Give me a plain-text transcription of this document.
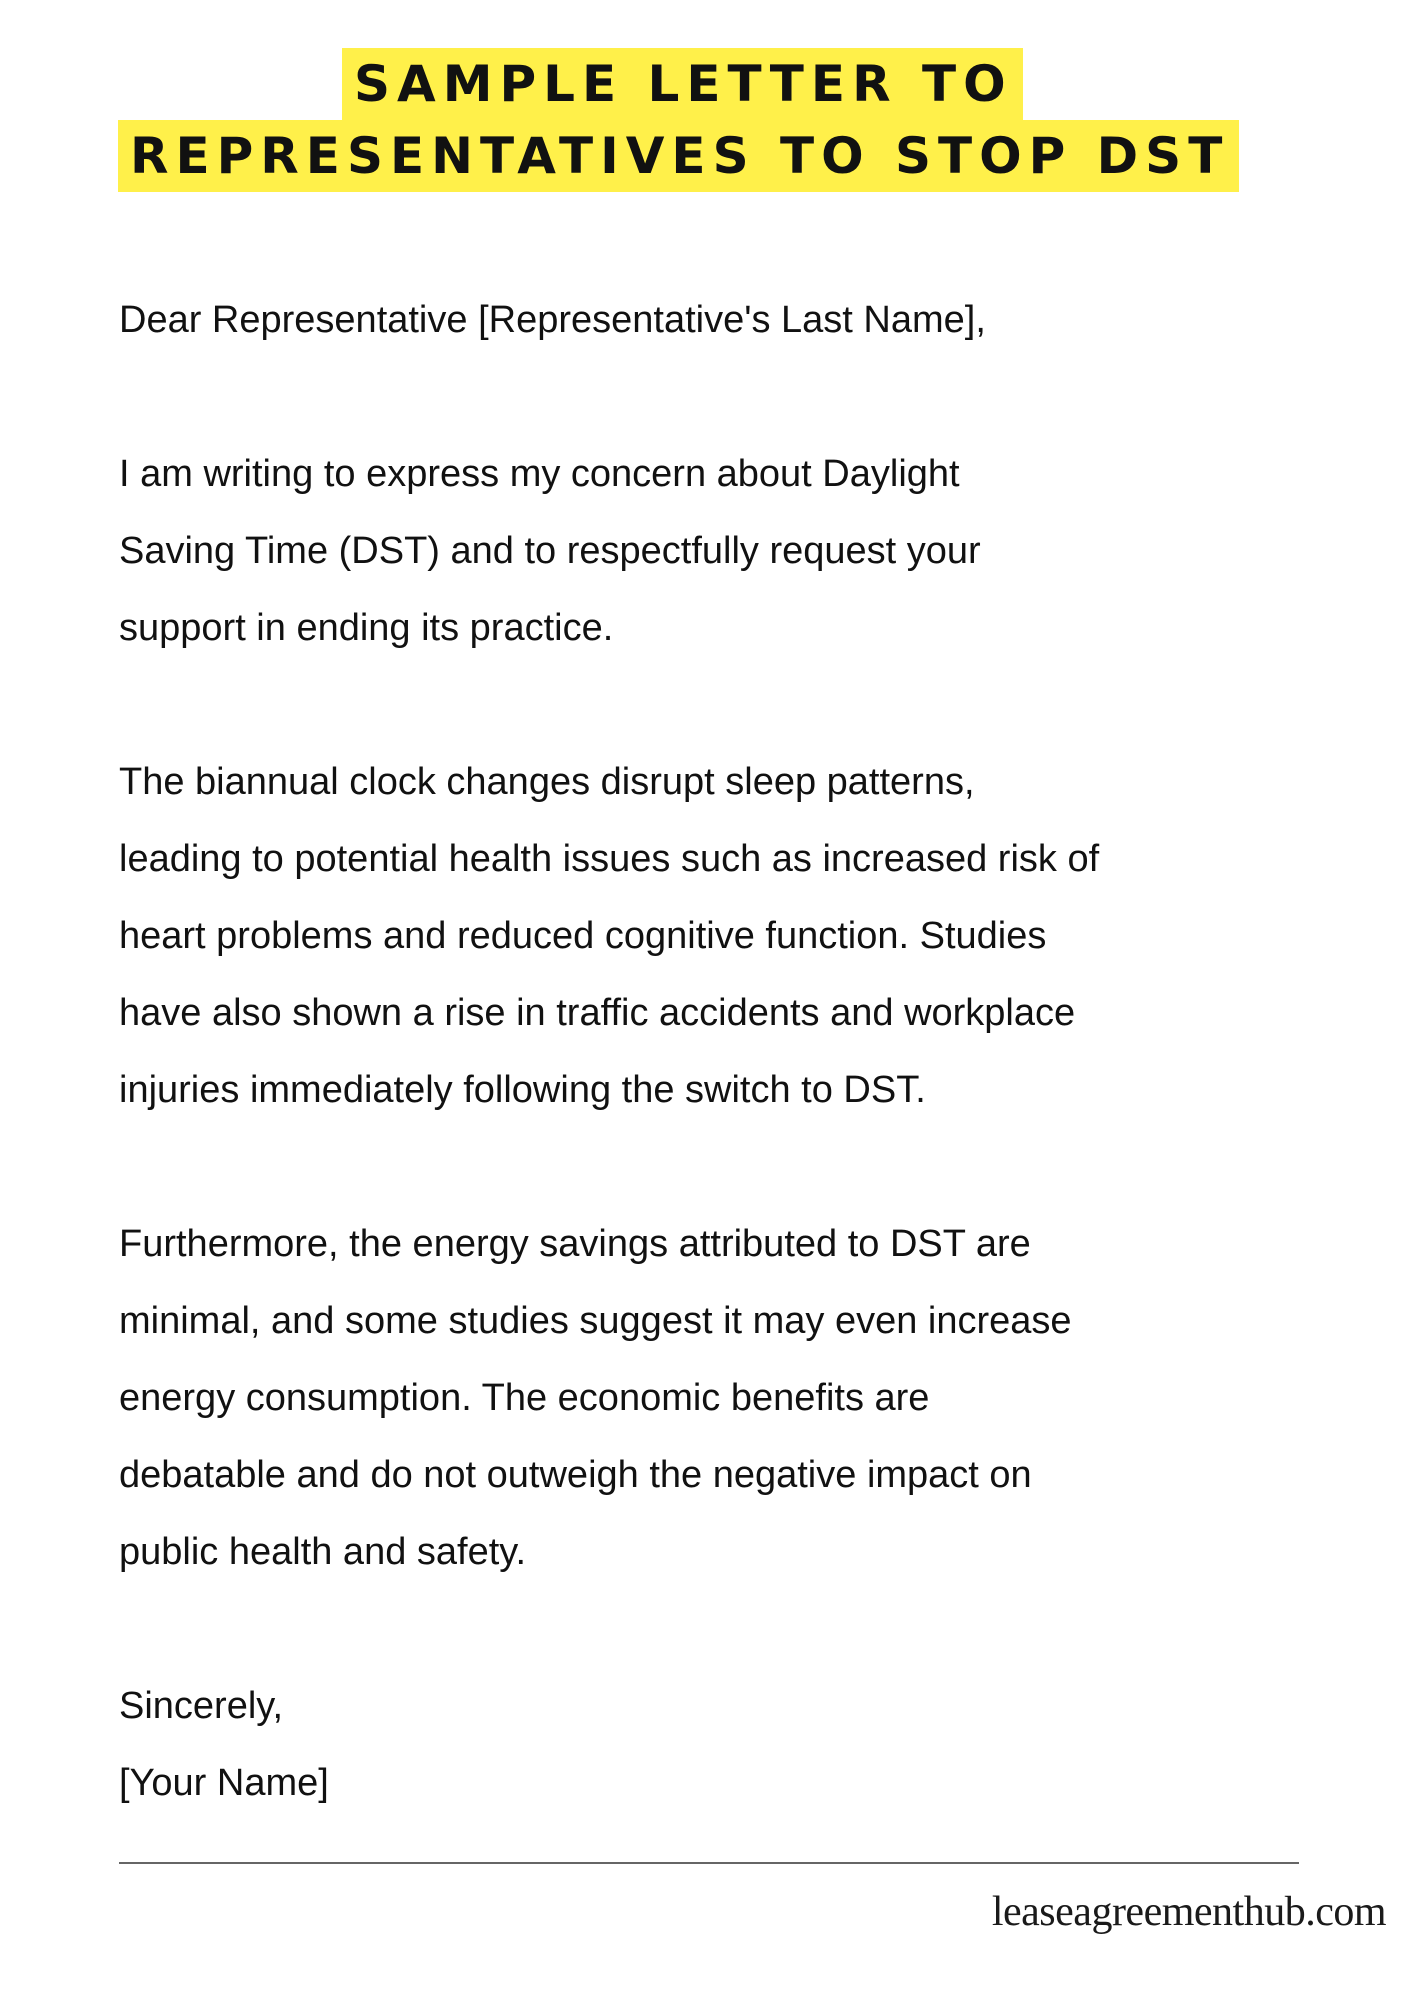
SAMPLE LETTER TO
REPRESENTATIVES TO STOP DST

Dear Representative [Representative's Last Name],

I am writing to express my concern about Daylight
Saving Time (DST) and to respectfully request your
support in ending its practice.

The biannual clock changes disrupt sleep patterns,
leading to potential health issues such as increased risk of
heart problems and reduced cognitive function. Studies
have also shown a rise in traffic accidents and workplace
injuries immediately following the switch to DST.

Furthermore, the energy savings attributed to DST are
minimal, and some studies suggest it may even increase
energy consumption. The economic benefits are
debatable and do not outweigh the negative impact on
public health and safety.

Sincerely,
[Your Name]

leaseagreementhub.com
